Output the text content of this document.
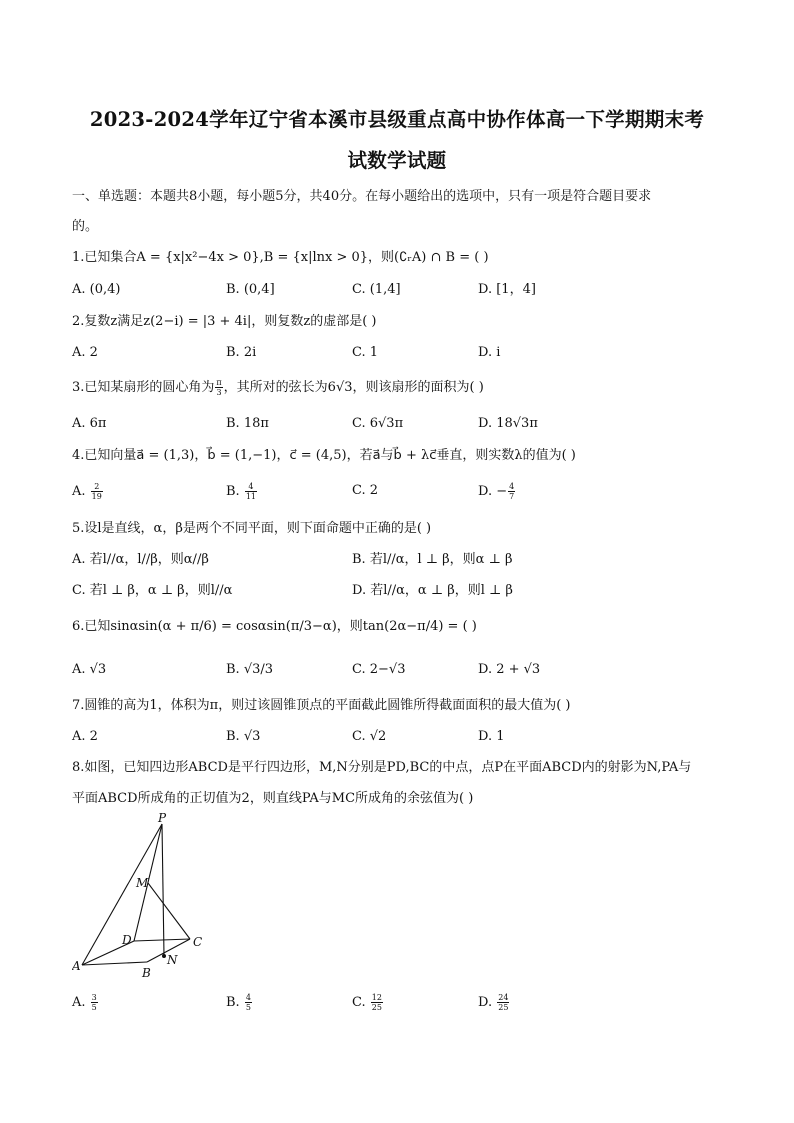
2023-2024学年辽宁省本溪市县级重点高中协作体高一下学期期末考
试数学试题
一、单选题：本题共8小题，每小题5分，共40分。在每小题给出的选项中，只有一项是符合题目要求
的。
1.已知集合A = {x|x²−4x > 0},B = {x|lnx > 0}，则(∁ᵣA) ∩ B = ( )
A. (0,4)	B. (0,4]	C. (1,4]	D. [1，4]
2.复数z满足z(2−i) = |3 + 4i|，则复数z的虚部是( )
A. 2	B. 2i	C. 1	D. i
3.已知某扇形的圆心角为 $\frac{\pi}{3}$ ，其所对的弦长为6√3，则该扇形的面积为( )
A. 6π	B. 18π	C. 6√3π	D. 18√3π
4.已知向量a⃗ = (1,3)，b⃗ = (1,−1)，c⃗ = (4,5)，若a⃗与b⃗ + λc⃗垂直，则实数λ的值为( )
A. $\frac{2}{19}$	B. $\frac{4}{11}$	C. 2	D. − $\frac{4}{7}$
5.设l是直线，α，β是两个不同平面，则下面命题中正确的是( )
A. 若l//α，l//β，则α//β	B. 若l//α，l ⊥ β，则α ⊥ β
C. 若l ⊥ β，α ⊥ β，则l//α	D. 若l//α，α ⊥ β，则l ⊥ β
6.已知sinαsin(α + π/6) = cosαsin(π/3−α)，则tan(2α−π/4) = ( )
A. √3	B. √3/3	C. 2−√3	D. 2 + √3
7.圆锥的高为1，体积为π，则过该圆锥顶点的平面截此圆锥所得截面面积的最大值为( )
A. 2	B. √3	C. √2	D. 1
8.如图，已知四边形ABCD是平行四边形，M,N分别是PD,BC的中点，点P在平面ABCD内的射影为N,PA与
平面ABCD所成角的正切值为2，则直线PA与MC所成角的余弦值为( )
P
M
D	C
A	B
N
A. $\frac{3}{5}$	B. $\frac{4}{5}$	C. $\frac{12}{25}$	D. $\frac{24}{25}$
